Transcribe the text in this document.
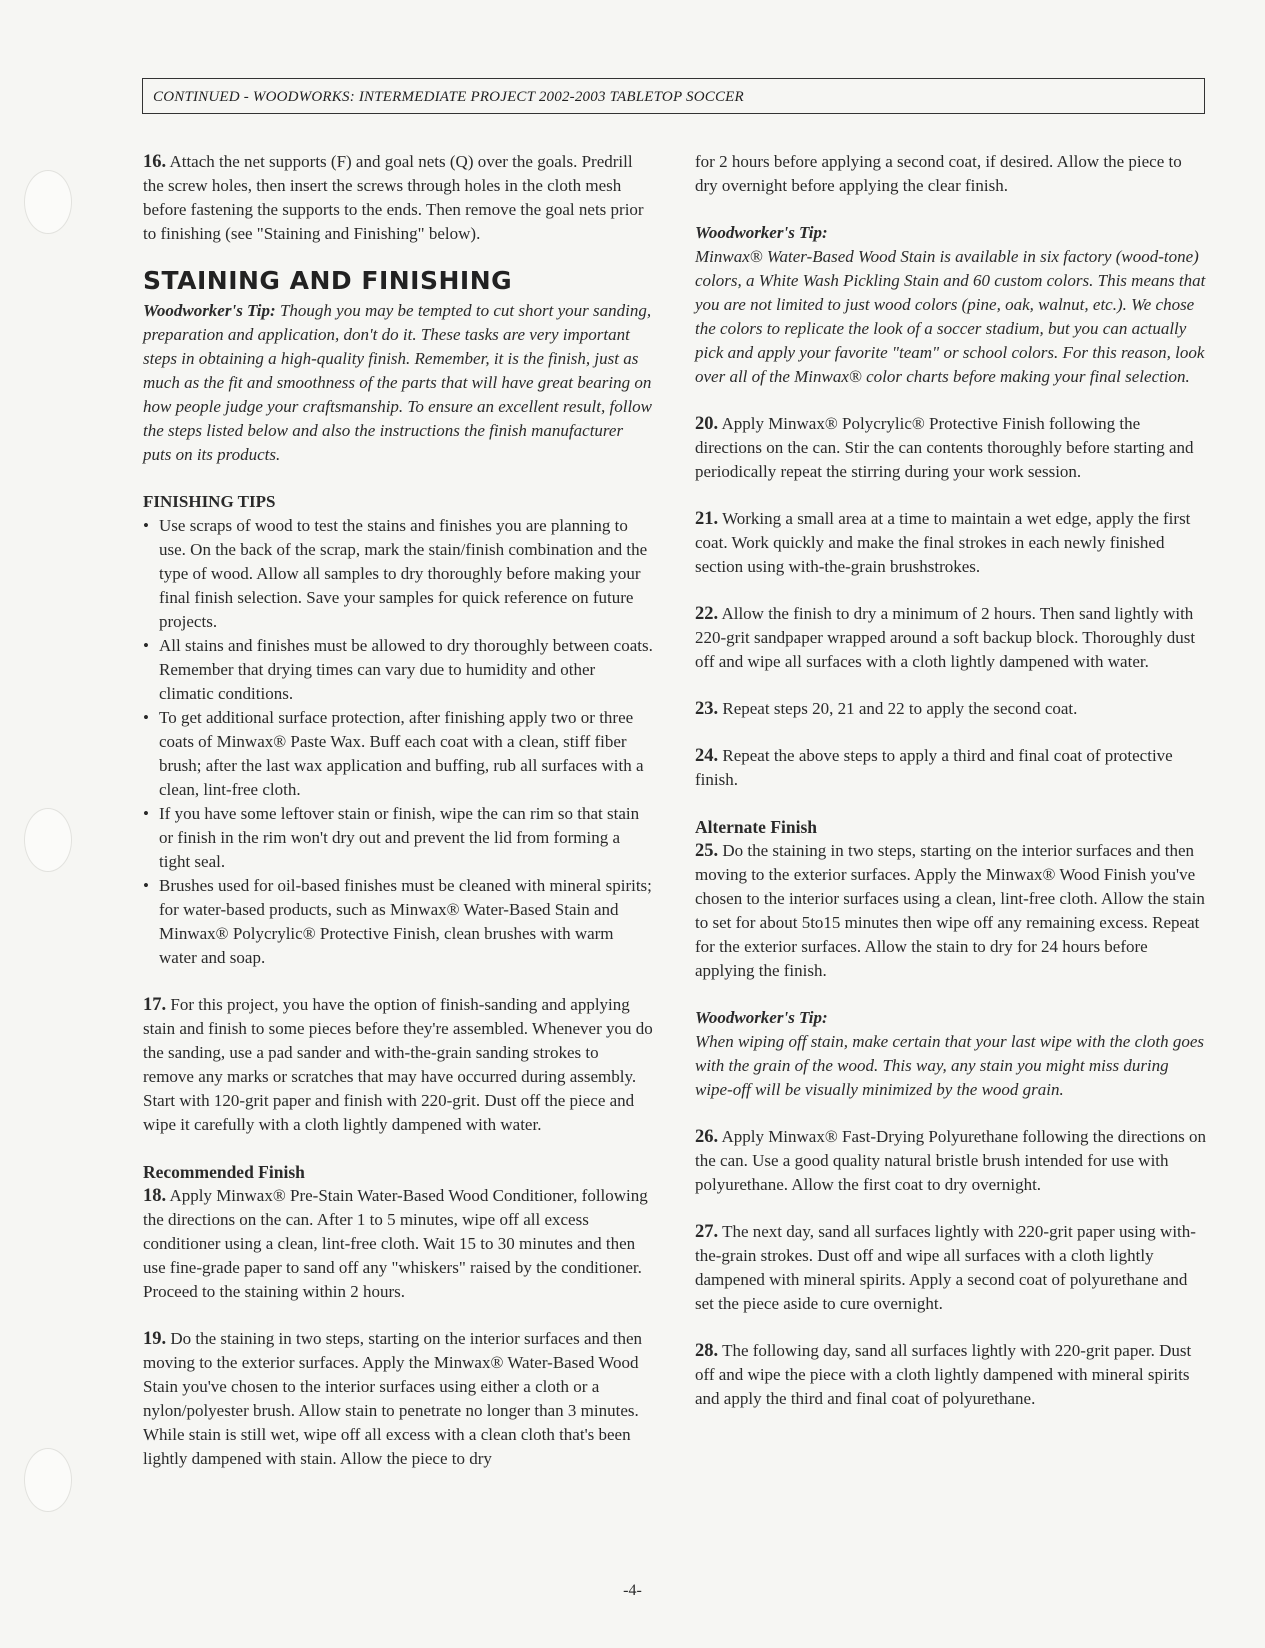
CONTINUED - WOODWORKS: INTERMEDIATE PROJECT 2002-2003 TABLETOP SOCCER

16. Attach the net supports (F) and goal nets (Q) over the goals. Predrill the screw holes, then insert the screws through holes in the cloth mesh before fastening the supports to the ends. Then remove the goal nets prior to finishing (see "Staining and Finishing" below).

STAINING AND FINISHING

Woodworker's Tip: Though you may be tempted to cut short your sanding, preparation and application, don't do it. These tasks are very important steps in obtaining a high-quality finish. Remember, it is the finish, just as much as the fit and smoothness of the parts that will have great bearing on how people judge your craftsmanship. To ensure an excellent result, follow the steps listed below and also the instructions the finish manufacturer puts on its products.

FINISHING TIPS
• Use scraps of wood to test the stains and finishes you are planning to use. On the back of the scrap, mark the stain/finish combination and the type of wood. Allow all samples to dry thoroughly before making your final finish selection. Save your samples for quick reference on future projects.
• All stains and finishes must be allowed to dry thoroughly between coats. Remember that drying times can vary due to humidity and other climatic conditions.
• To get additional surface protection, after finishing apply two or three coats of Minwax® Paste Wax. Buff each coat with a clean, stiff fiber brush; after the last wax application and buffing, rub all surfaces with a clean, lint-free cloth.
• If you have some leftover stain or finish, wipe the can rim so that stain or finish in the rim won't dry out and prevent the lid from forming a tight seal.
• Brushes used for oil-based finishes must be cleaned with mineral spirits; for water-based products, such as Minwax® Water-Based Stain and Minwax® Polycrylic® Protective Finish, clean brushes with warm water and soap.

17. For this project, you have the option of finish-sanding and applying stain and finish to some pieces before they're assembled. Whenever you do the sanding, use a pad sander and with-the-grain sanding strokes to remove any marks or scratches that may have occurred during assembly. Start with 120-grit paper and finish with 220-grit. Dust off the piece and wipe it carefully with a cloth lightly dampened with water.

Recommended Finish

18. Apply Minwax® Pre-Stain Water-Based Wood Conditioner, following the directions on the can. After 1 to 5 minutes, wipe off all excess conditioner using a clean, lint-free cloth. Wait 15 to 30 minutes and then use fine-grade paper to sand off any "whiskers" raised by the conditioner. Proceed to the staining within 2 hours.

19. Do the staining in two steps, starting on the interior surfaces and then moving to the exterior surfaces. Apply the Minwax® Water-Based Wood Stain you've chosen to the interior surfaces using either a cloth or a nylon/polyester brush. Allow stain to penetrate no longer than 3 minutes. While stain is still wet, wipe off all excess with a clean cloth that's been lightly dampened with stain. Allow the piece to dry

for 2 hours before applying a second coat, if desired. Allow the piece to dry overnight before applying the clear finish.

Woodworker's Tip:
Minwax® Water-Based Wood Stain is available in six factory (wood-tone) colors, a White Wash Pickling Stain and 60 custom colors. This means that you are not limited to just wood colors (pine, oak, walnut, etc.). We chose the colors to replicate the look of a soccer stadium, but you can actually pick and apply your favorite "team" or school colors. For this reason, look over all of the Minwax® color charts before making your final selection.

20. Apply Minwax® Polycrylic® Protective Finish following the directions on the can. Stir the can contents thoroughly before starting and periodically repeat the stirring during your work session.

21. Working a small area at a time to maintain a wet edge, apply the first coat. Work quickly and make the final strokes in each newly finished section using with-the-grain brushstrokes.

22. Allow the finish to dry a minimum of 2 hours. Then sand lightly with 220-grit sandpaper wrapped around a soft backup block. Thoroughly dust off and wipe all surfaces with a cloth lightly dampened with water.

23. Repeat steps 20, 21 and 22 to apply the second coat.

24. Repeat the above steps to apply a third and final coat of protective finish.

Alternate Finish

25. Do the staining in two steps, starting on the interior surfaces and then moving to the exterior surfaces. Apply the Minwax® Wood Finish you've chosen to the interior surfaces using a clean, lint-free cloth. Allow the stain to set for about 5to15 minutes then wipe off any remaining excess. Repeat for the exterior surfaces. Allow the stain to dry for 24 hours before applying the finish.

Woodworker's Tip:
When wiping off stain, make certain that your last wipe with the cloth goes with the grain of the wood. This way, any stain you might miss during wipe-off will be visually minimized by the wood grain.

26. Apply Minwax® Fast-Drying Polyurethane following the directions on the can. Use a good quality natural bristle brush intended for use with polyurethane. Allow the first coat to dry overnight.

27. The next day, sand all surfaces lightly with 220-grit paper using with-the-grain strokes. Dust off and wipe all surfaces with a cloth lightly dampened with mineral spirits. Apply a second coat of polyurethane and set the piece aside to cure overnight.

28. The following day, sand all surfaces lightly with 220-grit paper. Dust off and wipe the piece with a cloth lightly dampened with mineral spirits and apply the third and final coat of polyurethane.

-4-
